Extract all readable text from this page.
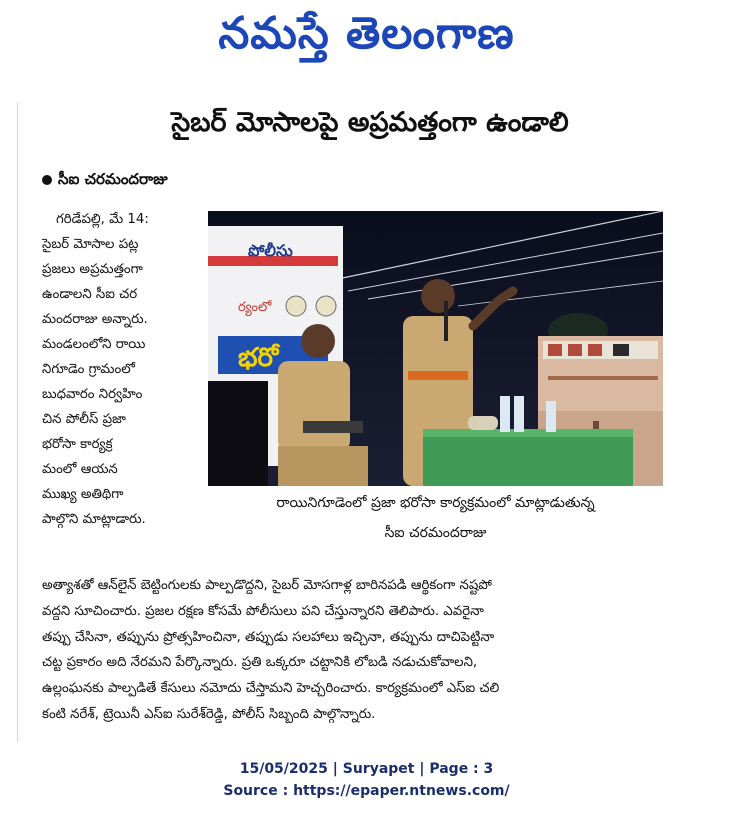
నమస్తే తెలంగాణ
సైబర్ మోసాలపై అప్రమత్తంగా ఉండాలి
సీఐ చరమందరాజు
గరిడేపల్లి, మే 14:
సైబర్ మోసాల పట్ల
ప్రజలు అప్రమత్తంగా
ఉండాలని సీఐ చర
మందరాజు అన్నారు.
మండలంలోని రాయి
నిగూడెం గ్రామంలో
బుధవారం నిర్వహిం
చిన పోలీస్ ప్రజా
భరోసా కార్యక్ర
మంలో ఆయన
ముఖ్య అతిథిగా
పాల్గొని మాట్లాడారు.
పోలీసు
ర్యంలో
భరో
రాయినిగూడెంలో ప్రజా భరోసా కార్యక్రమంలో మాట్లాడుతున్న
సీఐ చరమందరాజు
అత్యాశతో ఆన్‌లైన్ బెట్టింగులకు పాల్పడొద్దని, సైబర్ మోసగాళ్ల బారినపడి ఆర్థికంగా నష్టపో
వద్దని సూచించారు. ప్రజల రక్షణ కోసమే పోలీసులు పని చేస్తున్నారని తెలిపారు. ఎవరైనా
తప్పు చేసినా, తప్పును ప్రోత్సహించినా, తప్పుడు సలహాలు ఇచ్చినా, తప్పును దాచిపెట్టినా
చట్ట ప్రకారం అది నేరమని పేర్కొన్నారు. ప్రతి ఒక్కరూ చట్టానికి లోబడి నడుచుకోవాలని,
ఉల్లంఘనకు పాల్పడితే కేసులు నమోదు చేస్తామని హెచ్చరించారు. కార్యక్రమంలో ఎస్ఐ చలి
కంటి నరేశ్, ట్రెయినీ ఎస్ఐ సురేశ్‌రెడ్డి, పోలీస్ సిబ్బంది పాల్గొన్నారు.
15/05/2025 | Suryapet | Page : 3
Source : https://epaper.ntnews.com/
